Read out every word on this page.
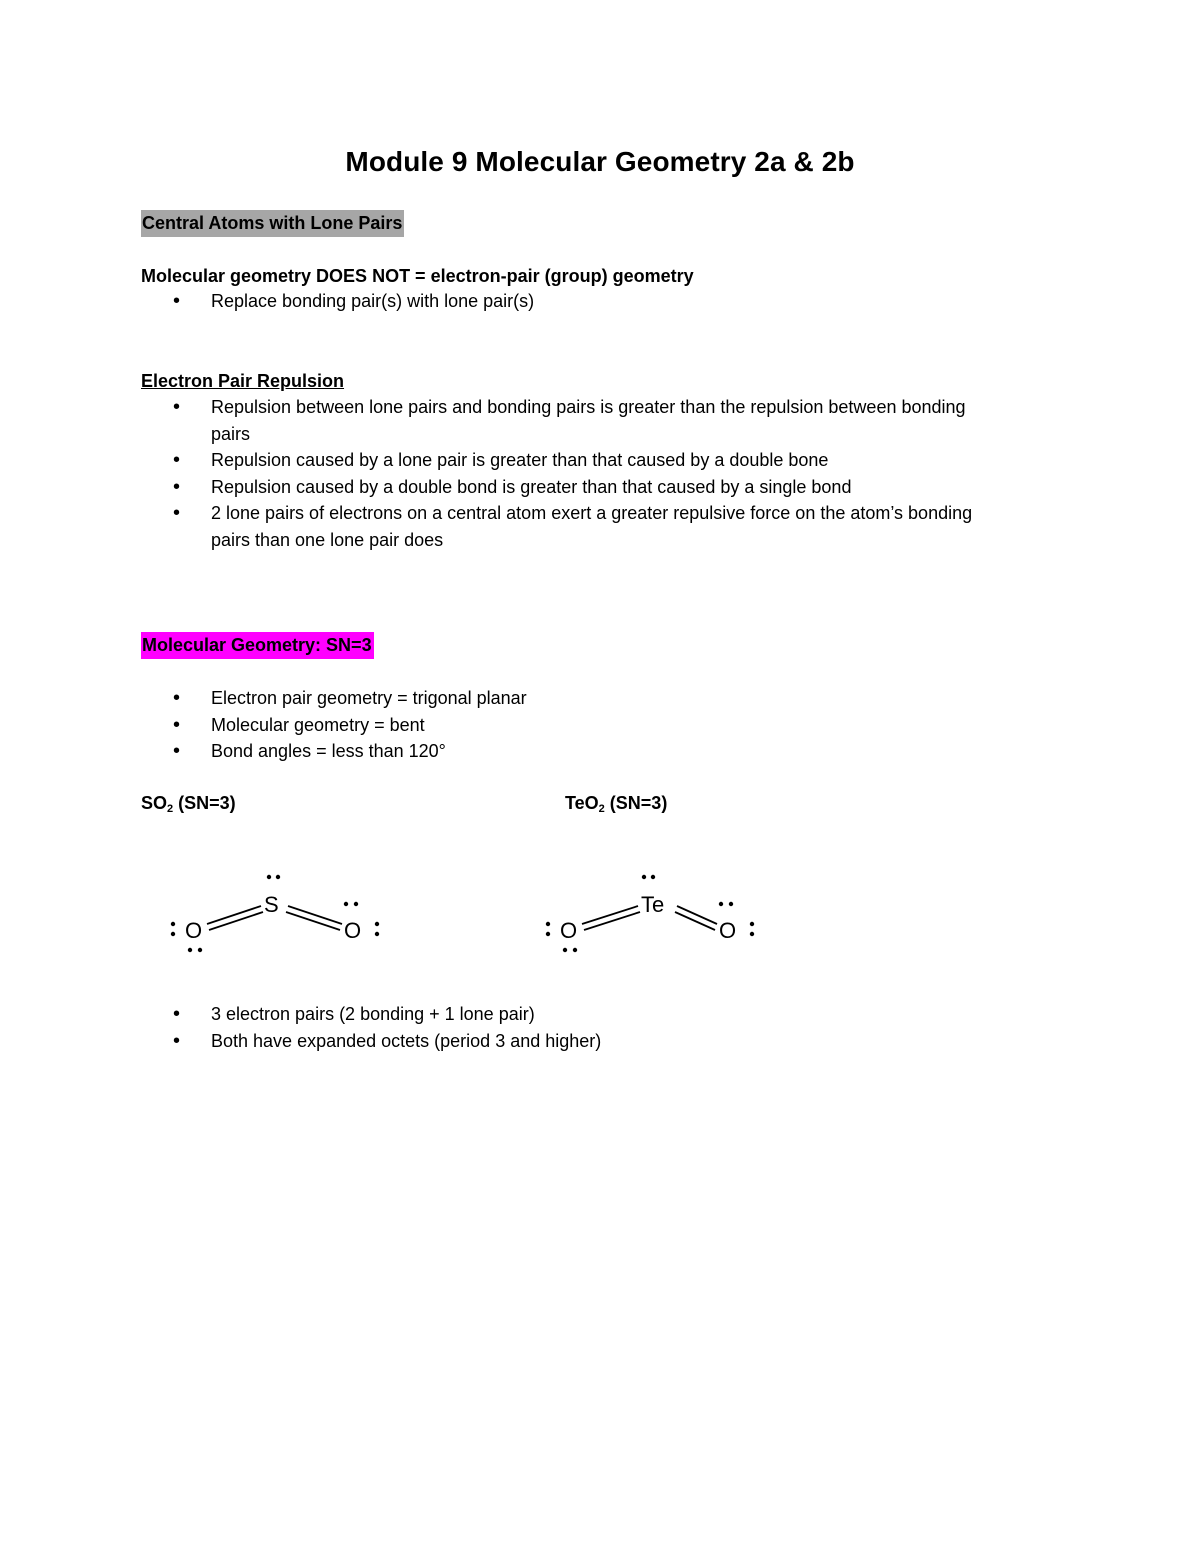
Module 9 Molecular Geometry 2a & 2b
Central Atoms with Lone Pairs
Molecular geometry DOES NOT = electron-pair (group) geometry
• Replace bonding pair(s) with lone pair(s)
Electron Pair Repulsion
• Repulsion between lone pairs and bonding pairs is greater than the repulsion between bonding pairs
• Repulsion caused by a lone pair is greater than that caused by a double bone
• Repulsion caused by a double bond is greater than that caused by a single bond
• 2 lone pairs of electrons on a central atom exert a greater repulsive force on the atom’s bonding pairs than one lone pair does
Molecular Geometry: SN=3
• Electron pair geometry = trigonal planar
• Molecular geometry = bent
• Bond angles = less than 120°
$SO_2$ (SN=3)	TeO$_2$ (SN=3)
S
O	O
Te
O	O
• 3 electron pairs (2 bonding + 1 lone pair)
• Both have expanded octets (period 3 and higher)
